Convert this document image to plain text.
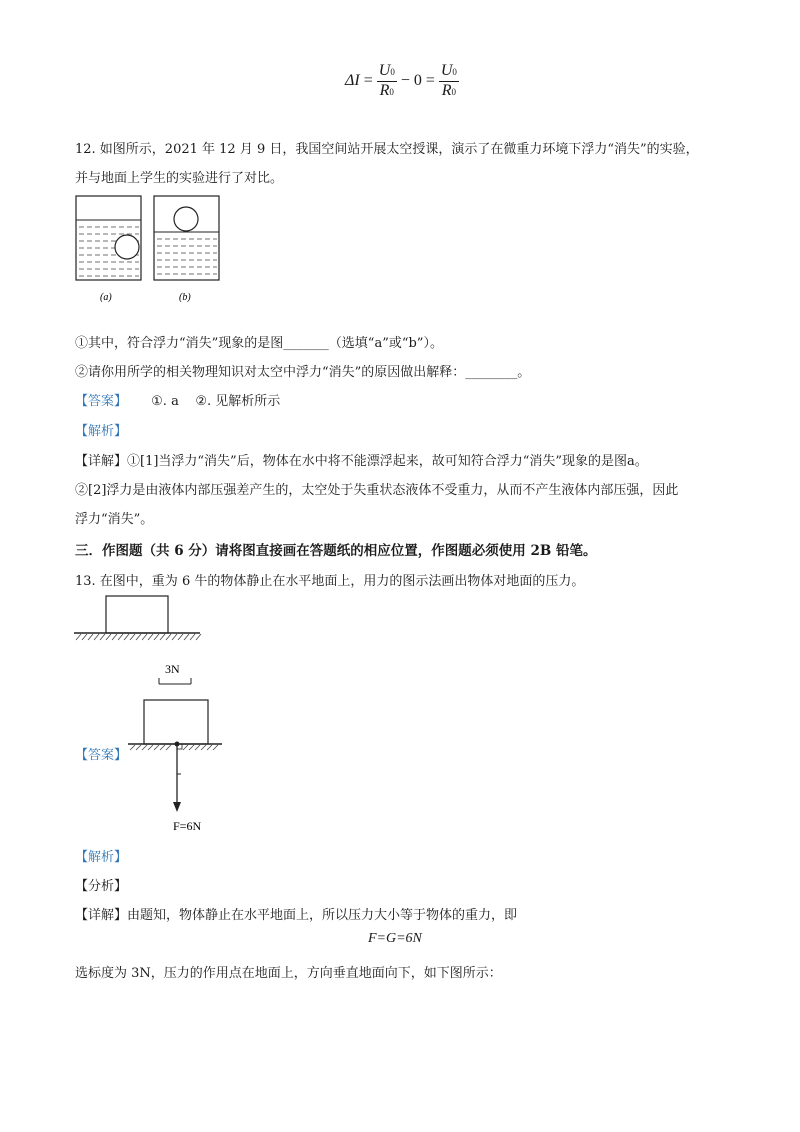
$\Delta I = \frac{U0}{R0} - 0 = \frac{U0}{R0}$
12. 如图所示，2021 年 12 月 9 日，我国空间站开展太空授课，演示了在微重力环境下浮力“消失”的实验，
并与地面上学生的实验进行了对比。
(a)	(b)
①其中，符合浮力“消失”现象的是图_______（选填“a”或“b”）。
②请你用所学的相关物理知识对太空中浮力“消失”的原因做出解释：________。
【答案】 ①. a    ②. 见解析所示
【解析】
【详解】①[1]当浮力“消失”后，物体在水中将不能漂浮起来，故可知符合浮力“消失”现象的是图a。
②[2]浮力是由液体内部压强差产生的，太空处于失重状态液体不受重力，从而不产生液体内部压强，因此
浮力“消失”。
三．作图题（共 6 分）请将图直接画在答题纸的相应位置，作图题必须使用 2B 铅笔。
13. 在图中，重为 6 牛的物体静止在水平地面上，用力的图示法画出物体对地面的压力。
【答案】
3N
F=6N
【解析】
【分析】
【详解】由题知，物体静止在水平地面上，所以压力大小等于物体的重力，即
F=G=6N
选标度为 3N，压力的作用点在地面上，方向垂直地面向下，如下图所示：
